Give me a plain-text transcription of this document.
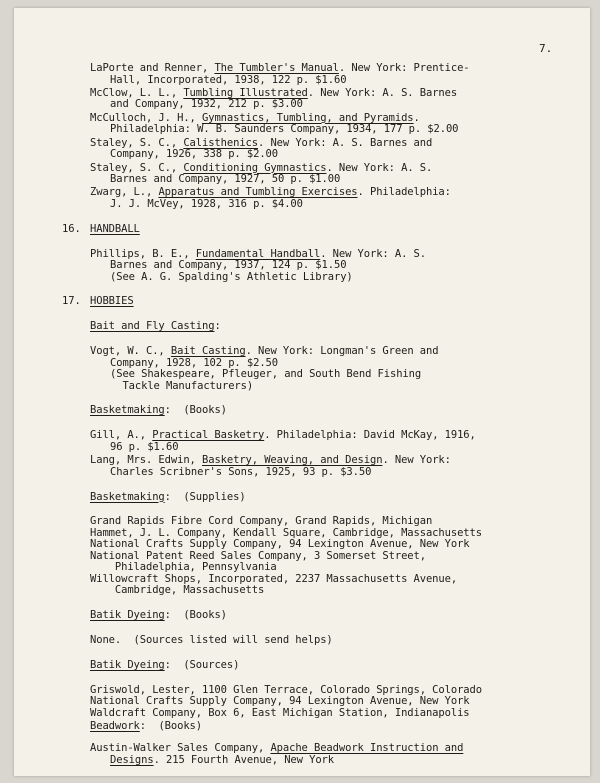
7.
LaPorte and Renner, The Tumbler's Manual. New York: Prentice-
Hall, Incorporated, 1938, 122 p. $1.60
McClow, L. L., Tumbling Illustrated. New York: A. S. Barnes
and Company, 1932, 212 p. $3.00
McCulloch, J. H., Gymnastics, Tumbling, and Pyramids.
Philadelphia: W. B. Saunders Company, 1934, 177 p. $2.00
Staley, S. C., Calisthenics. New York: A. S. Barnes and
Company, 1926, 338 p. $2.00
Staley, S. C., Conditioning Gymnastics. New York: A. S.
Barnes and Company, 1927, 50 p. $1.00
Zwarg, L., Apparatus and Tumbling Exercises. Philadelphia:
J. J. McVey, 1928, 316 p. $4.00
16. HANDBALL
Phillips, B. E., Fundamental Handball. New York: A. S.
Barnes and Company, 1937, 124 p. $1.50
(See A. G. Spalding's Athletic Library)
17. HOBBIES
Bait and Fly Casting:
Vogt, W. C., Bait Casting. New York: Longman's Green and
Company, 1928, 102 p. $2.50
(See Shakespeare, Pfleuger, and South Bend Fishing
Tackle Manufacturers)
Basketmaking:  (Books)
Gill, A., Practical Basketry. Philadelphia: David McKay, 1916,
96 p. $1.60
Lang, Mrs. Edwin, Basketry, Weaving, and Design. New York:
Charles Scribner's Sons, 1925, 93 p. $3.50
Basketmaking:  (Supplies)
Grand Rapids Fibre Cord Company, Grand Rapids, Michigan
Hammet, J. L. Company, Kendall Square, Cambridge, Massachusetts
National Crafts Supply Company, 94 Lexington Avenue, New York
National Patent Reed Sales Company, 3 Somerset Street,
Philadelphia, Pennsylvania
Willowcraft Shops, Incorporated, 2237 Massachusetts Avenue,
Cambridge, Massachusetts
Batik Dyeing:  (Books)
None.  (Sources listed will send helps)
Batik Dyeing:  (Sources)
Griswold, Lester, 1100 Glen Terrace, Colorado Springs, Colorado
National Crafts Supply Company, 94 Lexington Avenue, New York
Waldcraft Company, Box 6, East Michigan Station, Indianapolis
Beadwork:  (Books)
Austin-Walker Sales Company, Apache Beadwork Instruction and
Designs. 215 Fourth Avenue, New York
